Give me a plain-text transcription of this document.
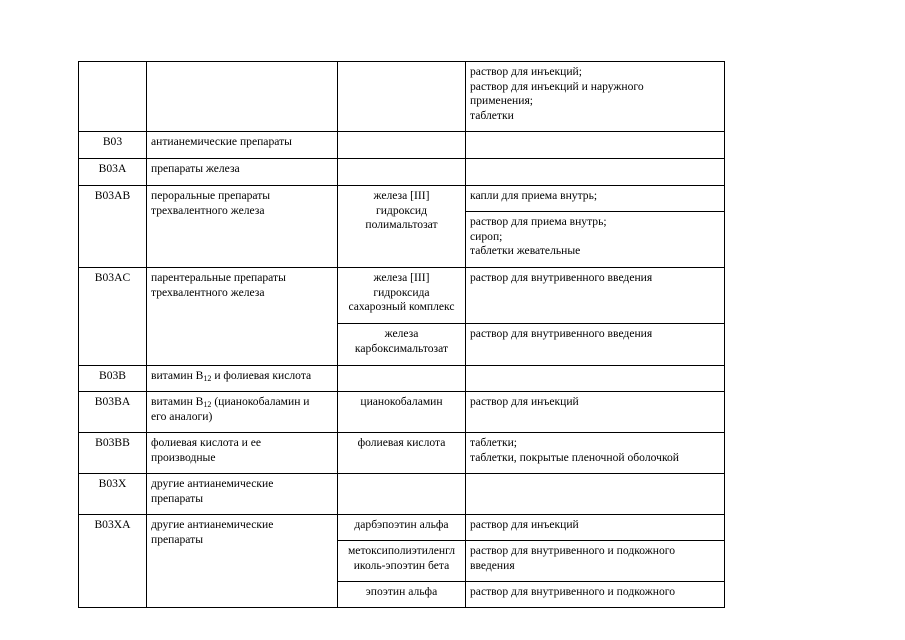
			раствор для инъекций;
раствор для инъекций и наружного
применения;
таблетки

B03	антианемические препараты		
B03A	препараты железа		
B03AB	пероральные препараты
трехвалентного железа	железа [III]
гидроксид
полимальтозат	капли для приема внутрь;

			раствор для приема внутрь;
сироп;
таблетки жевательные

B03AC	парентеральные препараты
трехвалентного железа	железа [III]
гидроксида
сахарозный комплекс	раствор для внутривенного введения

		железа
карбоксимальтозат	раствор для внутривенного введения
B03B	витамин $B_{12}$ и фолиевая кислота		
B03BA	витамин $B_{12}$ (цианокобаламин и
его аналоги)	цианокобаламин	раствор для инъекций
B03BB	фолиевая кислота и ее
производные	фолиевая кислота	таблетки;
таблетки, покрытые пленочной оболочкой

B03X	другие антианемические
препараты		

B03XA	другие антианемические
препараты	дарбэпоэтин альфа	раствор для инъекций

		метоксиполиэтиленгл
иколь-эпоэтин бета	раствор для внутривенного и подкожного
введения

		эпоэтин альфа	раствор для внутривенного и подкожного
